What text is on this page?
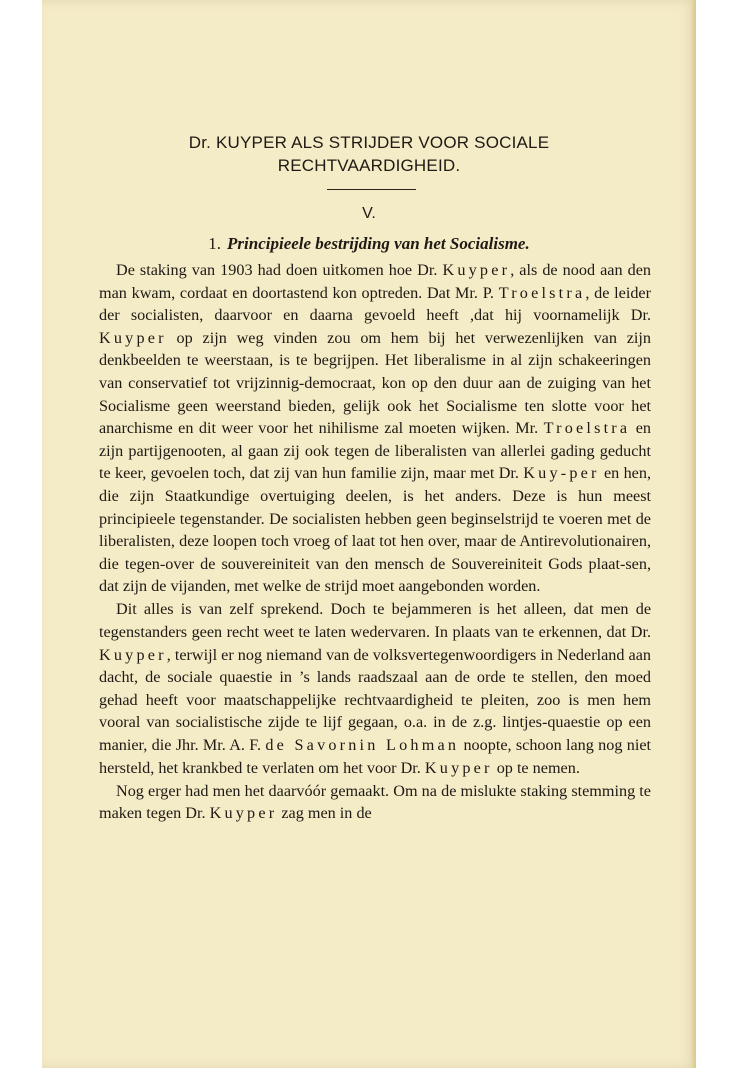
Dr. KUYPER ALS STRIJDER VOOR SOCIALE
RECHTVAARDIGHEID.
V.
1. Principieele bestrijding van het Socialisme.

De staking van 1903 had doen uitkomen hoe Dr. Kuyper, als de nood aan den man kwam, cordaat en doortastend kon optreden. Dat Mr. P. Troelstra, de leider der socialisten, daarvoor en daarna gevoeld heeft ,dat hij voornamelijk Dr. Kuyper op zijn weg vinden zou om hem bij het verwezenlijken van zijn denkbeelden te weerstaan, is te begrijpen. Het liberalisme in al zijn schakeeringen van conservatief tot vrijzinnig-democraat, kon op den duur aan de zuiging van het Socialisme geen weerstand bieden, gelijk ook het Socialisme ten slotte voor het anarchisme en dit weer voor het nihilisme zal moeten wijken. Mr. Troelstra en zijn partijgenooten, al gaan zij ook tegen de liberalisten van allerlei gading geducht te keer, gevoelen toch, dat zij van hun familie zijn, maar met Dr. Kuy-per en hen, die zijn Staatkundige overtuiging deelen, is het anders. Deze is hun meest principieele tegenstander. De socialisten hebben geen beginselstrijd te voeren met de liberalisten, deze loopen toch vroeg of laat tot hen over, maar de Antirevolutionairen, die tegen-over de souvereiniteit van den mensch de Souvereiniteit Gods plaat-sen, dat zijn de vijanden, met welke de strijd moet aangebonden worden.

Dit alles is van zelf sprekend. Doch te bejammeren is het alleen, dat men de tegenstanders geen recht weet te laten wedervaren. In plaats van te erkennen, dat Dr. Kuyper, terwijl er nog niemand van de volksvertegenwoordigers in Nederland aan dacht, de sociale quaestie in ’s lands raadszaal aan de orde te stellen, den moed gehad heeft voor maatschappelijke rechtvaardigheid te pleiten, zoo is men hem vooral van socialistische zijde te lijf gegaan, o.a. in de z.g. lintjes-quaestie op een manier, die Jhr. Mr. A. F. de Savornin Lohman noopte, schoon lang nog niet hersteld, het krankbed te verlaten om het voor Dr. Kuyper op te nemen.

Nog erger had men het daarvóór gemaakt. Om na de mislukte staking stemming te maken tegen Dr. Kuyper zag men in de
